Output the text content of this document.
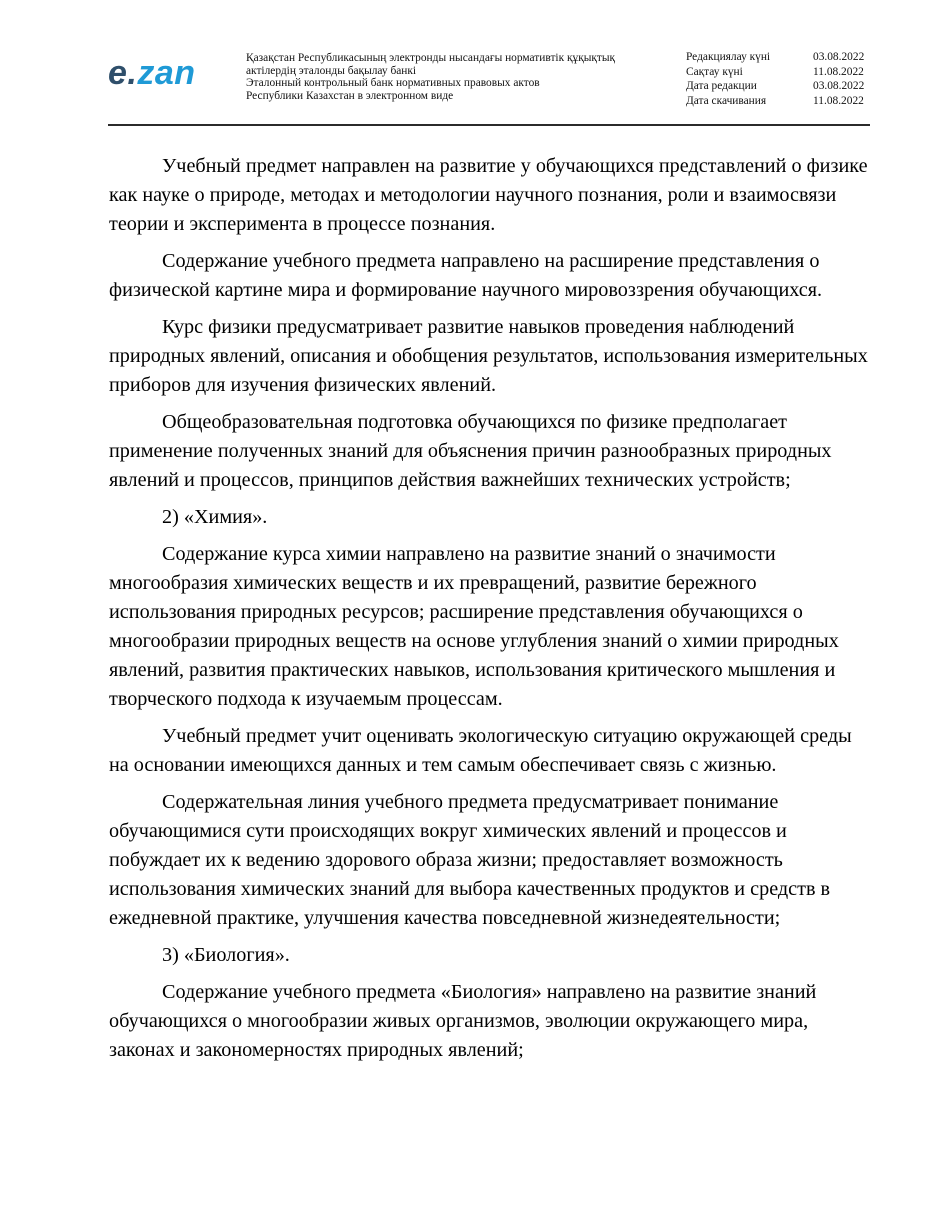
e.zan	Қазақстан Республикасының электронды нысандағы нормативтік құқықтық
актілердің эталонды бақылау банкі
Эталонный контрольный банк нормативных правовых актов
Республики Казахстан в электронном виде
Редакциялау күні	03.08.2022
Сақтау күні	11.08.2022
Дата редакции	03.08.2022
Дата скачивания	11.08.2022

Учебный предмет направлен на развитие у обучающихся представлений о физике как науке о природе, методах и методологии научного познания, роли и взаимосвязи теории и эксперимента в процессе познания.

Содержание учебного предмета направлено на расширение представления о физической картине мира и формирование научного мировоззрения обучающихся.

Курс физики предусматривает развитие навыков проведения наблюдений природных явлений, описания и обобщения результатов, использования измерительных приборов для изучения физических явлений.

Общеобразовательная подготовка обучающихся по физике предполагает применение полученных знаний для объяснения причин разнообразных природных явлений и процессов, принципов действия важнейших технических устройств;

2) «Химия».

Содержание курса химии направлено на развитие знаний о значимости многообразия химических веществ и их превращений, развитие бережного использования природных ресурсов; расширение представления обучающихся о многообразии природных веществ на основе углубления знаний о химии природных явлений, развития практических навыков, использования критического мышления и творческого подхода к изучаемым процессам.

Учебный предмет учит оценивать экологическую ситуацию окружающей среды на основании имеющихся данных и тем самым обеспечивает связь с жизнью.

Содержательная линия учебного предмета предусматривает понимание обучающимися сути происходящих вокруг химических явлений и процессов и побуждает их к ведению здорового образа жизни; предоставляет возможность использования химических знаний для выбора качественных продуктов и средств в ежедневной практике, улучшения качества повседневной жизнедеятельности;

3) «Биология».

Содержание учебного предмета «Биология» направлено на развитие знаний обучающихся о многообразии живых организмов, эволюции окружающего мира, законах и закономерностях природных явлений;
